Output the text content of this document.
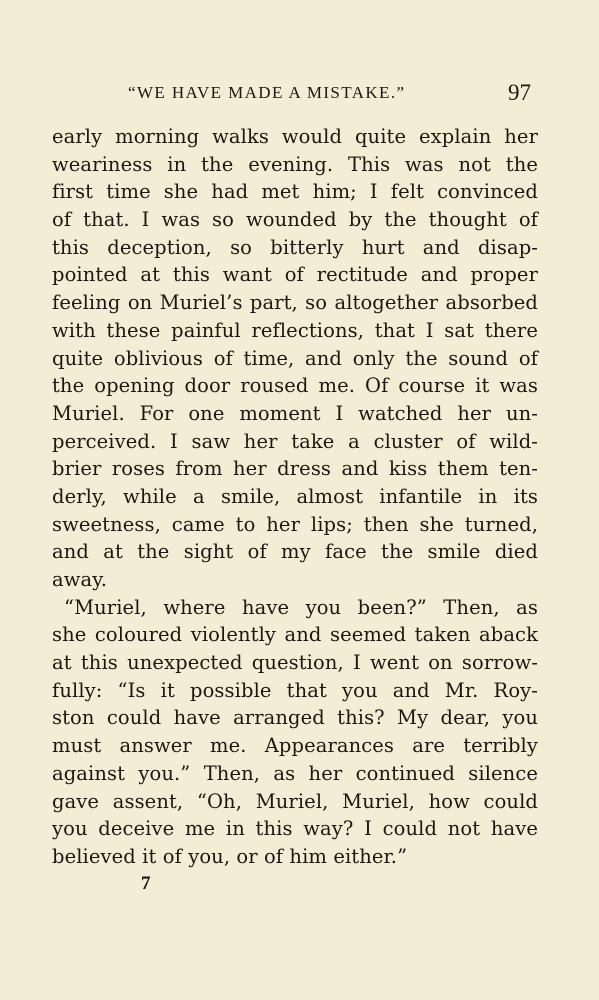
“WE HAVE MADE A MISTAKE.”	97
early morning walks would quite explain her
weariness in the evening. This was not the
first time she had met him; I felt convinced
of that. I was so wounded by the thought of
this deception, so bitterly hurt and disap-
pointed at this want of rectitude and proper
feeling on Muriel’s part, so altogether absorbed
with these painful reflections, that I sat there
quite oblivious of time, and only the sound of
the opening door roused me. Of course it was
Muriel. For one moment I watched her un-
perceived. I saw her take a cluster of wild-
brier roses from her dress and kiss them ten-
derly, while a smile, almost infantile in its
sweetness, came to her lips; then she turned,
and at the sight of my face the smile died
away.
“Muriel, where have you been?” Then, as
she coloured violently and seemed taken aback
at this unexpected question, I went on sorrow-
fully: “Is it possible that you and Mr. Roy-
ston could have arranged this? My dear, you
must answer me. Appearances are terribly
against you.” Then, as her continued silence
gave assent, “Oh, Muriel, Muriel, how could
you deceive me in this way? I could not have
believed it of you, or of him either.”
7
